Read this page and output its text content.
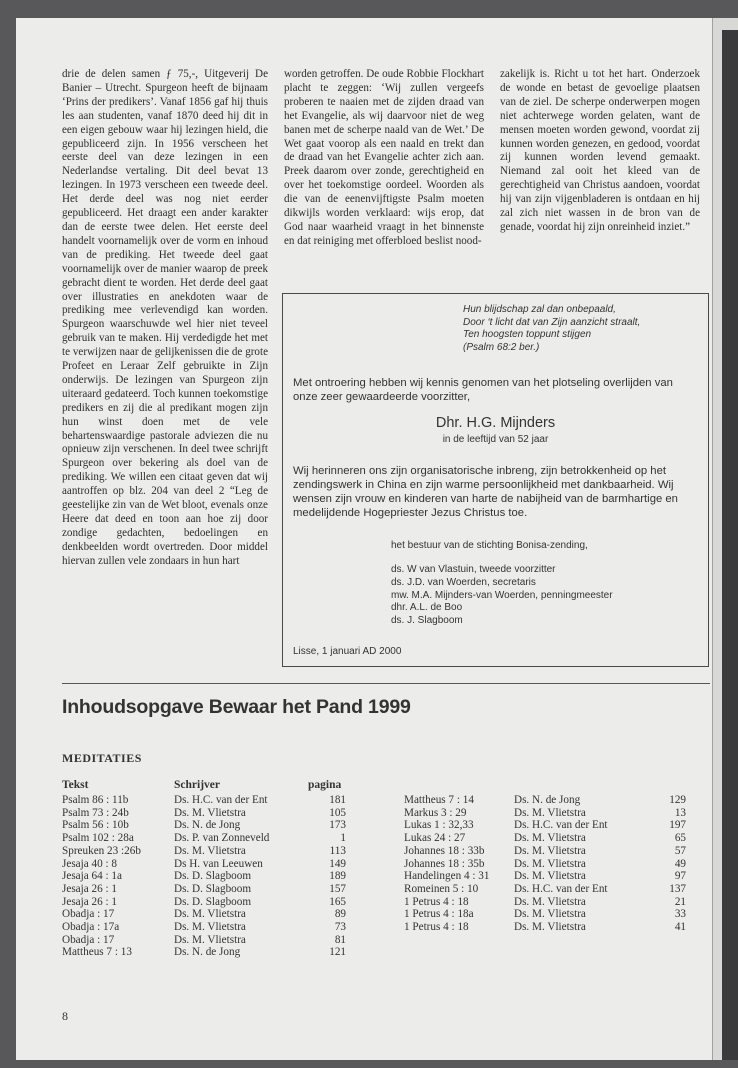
drie de delen samen ƒ 75,-, Uitgeverij De Banier – Utrecht. Spurgeon heeft de bijnaam ‘Prins der predikers’. Vanaf 1856 gaf hij thuis les aan studenten, vanaf 1870 deed hij dit in een eigen gebouw waar hij lezingen hield, die gepubliceerd zijn. In 1956 verscheen het eerste deel van deze lezingen in een Nederlandse vertaling. Dit deel bevat 13 lezingen. In 1973 verscheen een tweede deel. Het derde deel was nog niet eerder gepubliceerd. Het draagt een ander karakter dan de eerste twee delen. Het eerste deel handelt voornamelijk over de vorm en inhoud van de prediking. Het tweede deel gaat voornamelijk over de manier waarop de preek gebracht dient te worden. Het derde deel gaat over illustraties en anekdoten waar de prediking mee verlevendigd kan worden. Spurgeon waarschuwde wel hier niet teveel gebruik van te maken. Hij verdedigde het met te verwijzen naar de gelijkenissen die de grote Profeet en Leraar Zelf gebruikte in Zijn onderwijs. De lezingen van Spurgeon zijn uiteraard gedateerd. Toch kunnen toekomstige predikers en zij die al predikant mogen zijn hun winst doen met de vele behartenswaardige pastorale adviezen die nu opnieuw zijn verschenen. In deel twee schrijft Spurgeon over bekering als doel van de prediking. We willen een citaat geven dat wij aantroffen op blz. 204 van deel 2 “Leg de geestelijke zin van de Wet bloot, evenals onze Heere dat deed en toon aan hoe zij door zondige gedachten, bedoelingen en denkbeelden wordt overtreden. Door middel hiervan zullen vele zondaars in hun hart

worden getroffen. De oude Robbie Flockhart placht te zeggen: ‘Wij zullen vergeefs proberen te naaien met de zijden draad van het Evangelie, als wij daarvoor niet de weg banen met de scherpe naald van de Wet.’ De Wet gaat voorop als een naald en trekt dan de draad van het Evangelie achter zich aan. Preek daarom over zonde, gerechtigheid en over het toekomstige oordeel. Woorden als die van de eenenvijftigste Psalm moeten dikwijls worden verklaard: wijs erop, dat God naar waarheid vraagt in het binnenste en dat reiniging met offerbloed beslist nood-

zakelijk is. Richt u tot het hart. Onderzoek de wonde en betast de gevoelige plaatsen van de ziel. De scherpe onderwerpen mogen niet achterwege worden gelaten, want de mensen moeten worden gewond, voordat zij kunnen worden genezen, en gedood, voordat zij kunnen worden levend gemaakt. Niemand zal ooit het kleed van de gerechtigheid van Christus aandoen, voordat hij van zijn vijgenbladeren is ontdaan en hij zal zich niet wassen in de bron van de genade, voordat hij zijn onreinheid inziet.”

Hun blijdschap zal dan onbepaald,
Door ‘t licht dat van Zijn aanzicht straalt,
Ten hoogsten toppunt stijgen
(Psalm 68:2 ber.)
Met ontroering hebben wij kennis genomen van het plotseling overlijden van onze zeer gewaardeerde voorzitter,
Dhr. H.G. Mijnders
in de leeftijd van 52 jaar
Wij herinneren ons zijn organisatorische inbreng, zijn betrokkenheid op het zendingswerk in China en zijn warme persoonlijkheid met dankbaarheid. Wij wensen zijn vrouw en kinderen van harte de nabijheid van de barmhartige en medelijdende Hogepriester Jezus Christus toe.
het bestuur van de stichting Bonisa-zending,
ds. W van Vlastuin, tweede voorzitter
ds. J.D. van Woerden, secretaris
mw. M.A. Mijnders-van Woerden, penningmeester
dhr. A.L. de Boo
ds. J. Slagboom
Lisse, 1 januari AD 2000
Inhoudsopgave Bewaar het Pand 1999
MEDITATIES
Tekst	Schrijver	pagina
Psalm 86 : 11b	Ds. H.C. van der Ent	181
Psalm 73 : 24b	Ds. M. Vlietstra	105
Psalm 56 : 10b	Ds. N. de Jong	173
Psalm 102 : 28a	Ds. P. van Zonneveld	1
Spreuken 23 :26b	Ds. M. Vlietstra	113
Jesaja 40 : 8	Ds H. van Leeuwen	149
Jesaja 64 : 1a	Ds. D. Slagboom	189
Jesaja 26 : 1	Ds. D. Slagboom	157
Jesaja 26 : 1	Ds. D. Slagboom	165
Obadja : 17	Ds. M. Vlietstra	89
Obadja : 17a	Ds. M. Vlietstra	73
Obadja : 17	Ds. M. Vlietstra	81
Mattheus 7 : 13	Ds. N. de Jong	121
Mattheus 7 : 14	Ds. N. de Jong	129
Markus 3 : 29	Ds. M. Vlietstra	13
Lukas 1 : 32,33	Ds. H.C. van der Ent	197
Lukas 24 : 27	Ds. M. Vlietstra	65
Johannes 18 : 33b	Ds. M. Vlietstra	57
Johannes 18 : 35b	Ds. M. Vlietstra	49
Handelingen 4 : 31 Ds. M. Vlietstra	97
Romeinen 5 : 10	Ds. H.C. van der Ent	137
1 Petrus 4 : 18	Ds. M. Vlietstra	21
1 Petrus 4 : 18a	Ds. M. Vlietstra	33
1 Petrus 4 : 18	Ds. M. Vlietstra	41
8
